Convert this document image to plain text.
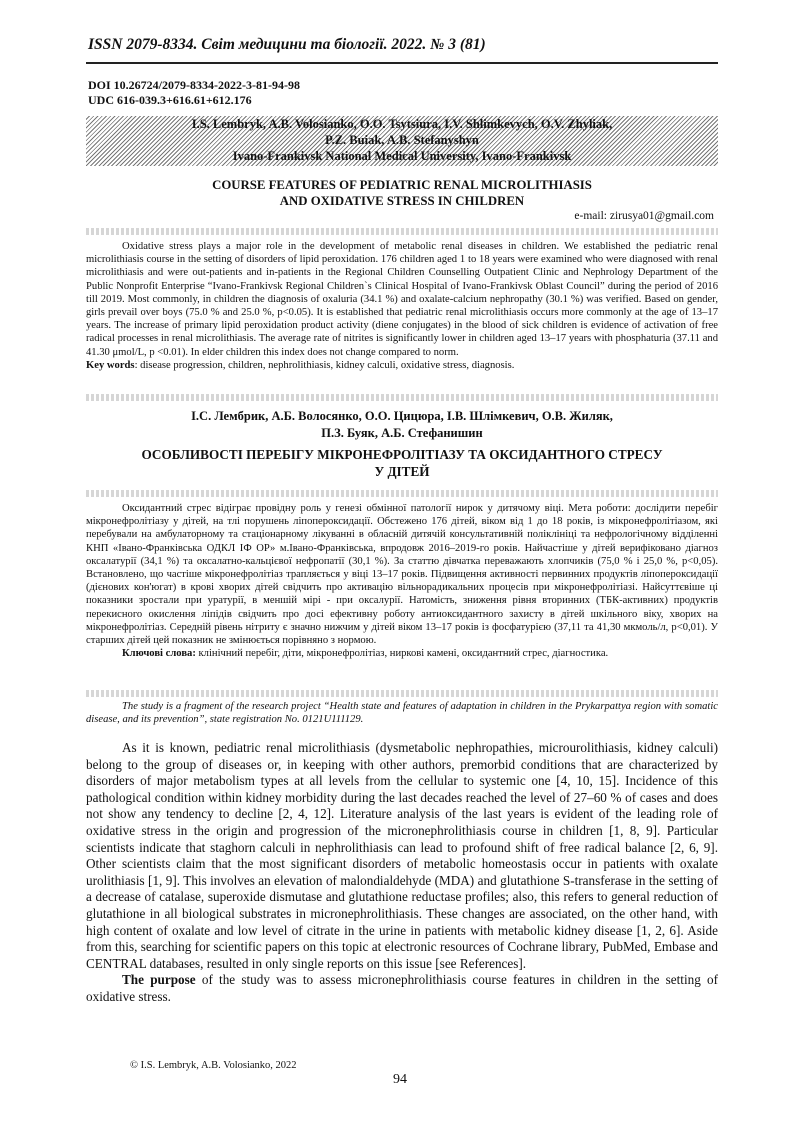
ISSN 2079-8334. Світ медицини та біології. 2022. № 3 (81)
DOI 10.26724/2079-8334-2022-3-81-94-98
UDC 616-039.3+616.61+612.176
I.S. Lembryk, A.B. Volosianko, O.O. Tsytsiura, I.V. Shlimkevych, O.V. Zhyliak,
P.Z. Buiak, A.B. Stefanyshyn
Ivano-Frankivsk National Medical University, Ivano-Frankivsk
COURSE FEATURES OF PEDIATRIC RENAL MICROLITHIASIS
AND OXIDATIVE STRESS IN CHILDREN
e-mail: zirusya01@gmail.com

Oxidative stress plays a major role in the development of metabolic renal diseases in children. We established the pediatric renal microlithiasis course in the setting of disorders of lipid peroxidation. 176 children aged 1 to 18 years were examined who were diagnosed with renal microlithiasis and were out-patients and in-patients in the Regional Children Counselling Outpatient Clinic and Nephrology Department of the Public Nonprofit Enterprise “Ivano-Frankivsk Regional Children`s Clinical Hospital of Ivano-Frankivsk Oblast Council” during the period of 2016 till 2019. Most commonly, in children the diagnosis of oxaluria (34.1 %) and oxalate-calcium nephropathy (30.1 %) was verified. Based on gender, girls prevail over boys (75.0 % and 25.0 %, p<0.05). It is established that pediatric renal microlithiasis occurs more commonly at the age of 13–17 years. The increase of primary lipid peroxidation product activity (diene conjugates) in the blood of sick children is evidence of activation of free radical processes in renal microlithiasis. The average rate of nitrites is significantly lower in children aged 13–17 years with phosphaturia (37.11 and 41.30 μmol/L, p <0.01). In elder children this index does not change compared to norm.

Key words: disease progression, children, nephrolithiasis, kidney calculi, oxidative stress, diagnosis.
І.С. Лембрик, А.Б. Волосянко, О.О. Цицюра, І.В. Шлімкевич, О.В. Жиляк,
П.З. Буяк, А.Б. Стефанишин
ОСОБЛИВОСТІ ПЕРЕБІГУ МІКРОНЕФРОЛІТІАЗУ ТА ОКСИДАНТНОГО СТРЕСУ
У ДІТЕЙ

Оксидантний стрес відіграє провідну роль у генезі обмінної патології нирок у дитячому віці. Мета роботи: дослідити перебіг мікронефролітіазу у дітей, на тлі порушень ліпопероксидації. Обстежено 176 дітей, віком від 1 до 18 років, із мікронефролітіазом, які перебували на амбулаторному та стаціонарному лікуванні в обласній дитячій консультативній поліклініці та нефрологічному відділенні КНП «Івано-Франківська ОДКЛ ІФ ОР» м.Івано-Франківська, впродовж 2016–2019-го років. Найчастіше у дітей верифіковано діагноз оксалатурії (34,1 %) та оксалатно-кальцієвої нефропатії (30,1 %). За статтю дівчатка переважають хлопчиків (75,0 % і 25,0 %, р<0,05). Встановлено, що частіше мікронефролітіаз трапляється у віці 13–17 років. Підвищення активності первинних продуктів ліпопероксидації (дієнових кон'югат) в крові хворих дітей свідчить про активацію вільнорадикальних процесів при мікронефролітіазі. Найсуттєвіше ці показники зростали при уратурії, в меншій мірі - при оксалурії. Натомість, зниження рівня вторинних (ТБК-активних) продуктів перекисного окислення ліпідів свідчить про досі ефективну роботу антиоксидантного захисту в дітей шкільного віку, хворих на мікронефролітіаз. Середній рівень нітриту є значно нижчим у дітей віком 13–17 років із фосфатурією (37,11 та 41,30 мкмоль/л, р<0,01). У старших дітей цей показник не змінюється порівняно з нормою.

Ключові слова: клінічний перебіг, діти, мікронефролітіаз, ниркові камені, оксидантний стрес, діагностика.
The study is a fragment of the research project “Health state and features of adaptation in children in the Prykarpattya region with somatic disease, and its prevention”, state registration No. 0121U111129.

As it is known, pediatric renal microlithiasis (dysmetabolic nephropathies, microurolithiasis, kidney calculi) belong to the group of diseases or, in keeping with other authors, premorbid conditions that are characterized by disorders of major metabolism types at all levels from the cellular to systemic one [4, 10, 15]. Incidence of this pathological condition within kidney morbidity during the last decades reached the level of 27–60 % of cases and does not show any tendency to decline [2, 4, 12]. Literature analysis of the last years is evident of the leading role of oxidative stress in the origin and progression of the micronephrolithiasis course in children [1, 8, 9]. Particular scientists indicate that staghorn calculi in nephrolithiasis can lead to profound shift of free radical balance [2, 6, 9]. Other scientists claim that the most significant disorders of metabolic homeostasis occur in patients with oxalate urolithiasis [1, 9]. This involves an elevation of malondialdehyde (MDA) and glutathione S-transferase in the setting of a decrease of catalase, superoxide dismutase and glutathione reductase profiles; also, this refers to general reduction of glutathione in all biological substrates in micronephrolithiasis. These changes are associated, on the other hand, with high content of oxalate and low level of citrate in the urine in patients with metabolic kidney disease [1, 2, 6]. Aside from this, searching for scientific papers on this topic at electronic resources of Cochrane library, PubMed, Embase and CENTRAL databases, resulted in only single reports on this issue [see References].

The purpose of the study was to assess micronephrolithiasis course features in children in the setting of oxidative stress.

© I.S. Lembryk, A.B. Volosianko, 2022
94
